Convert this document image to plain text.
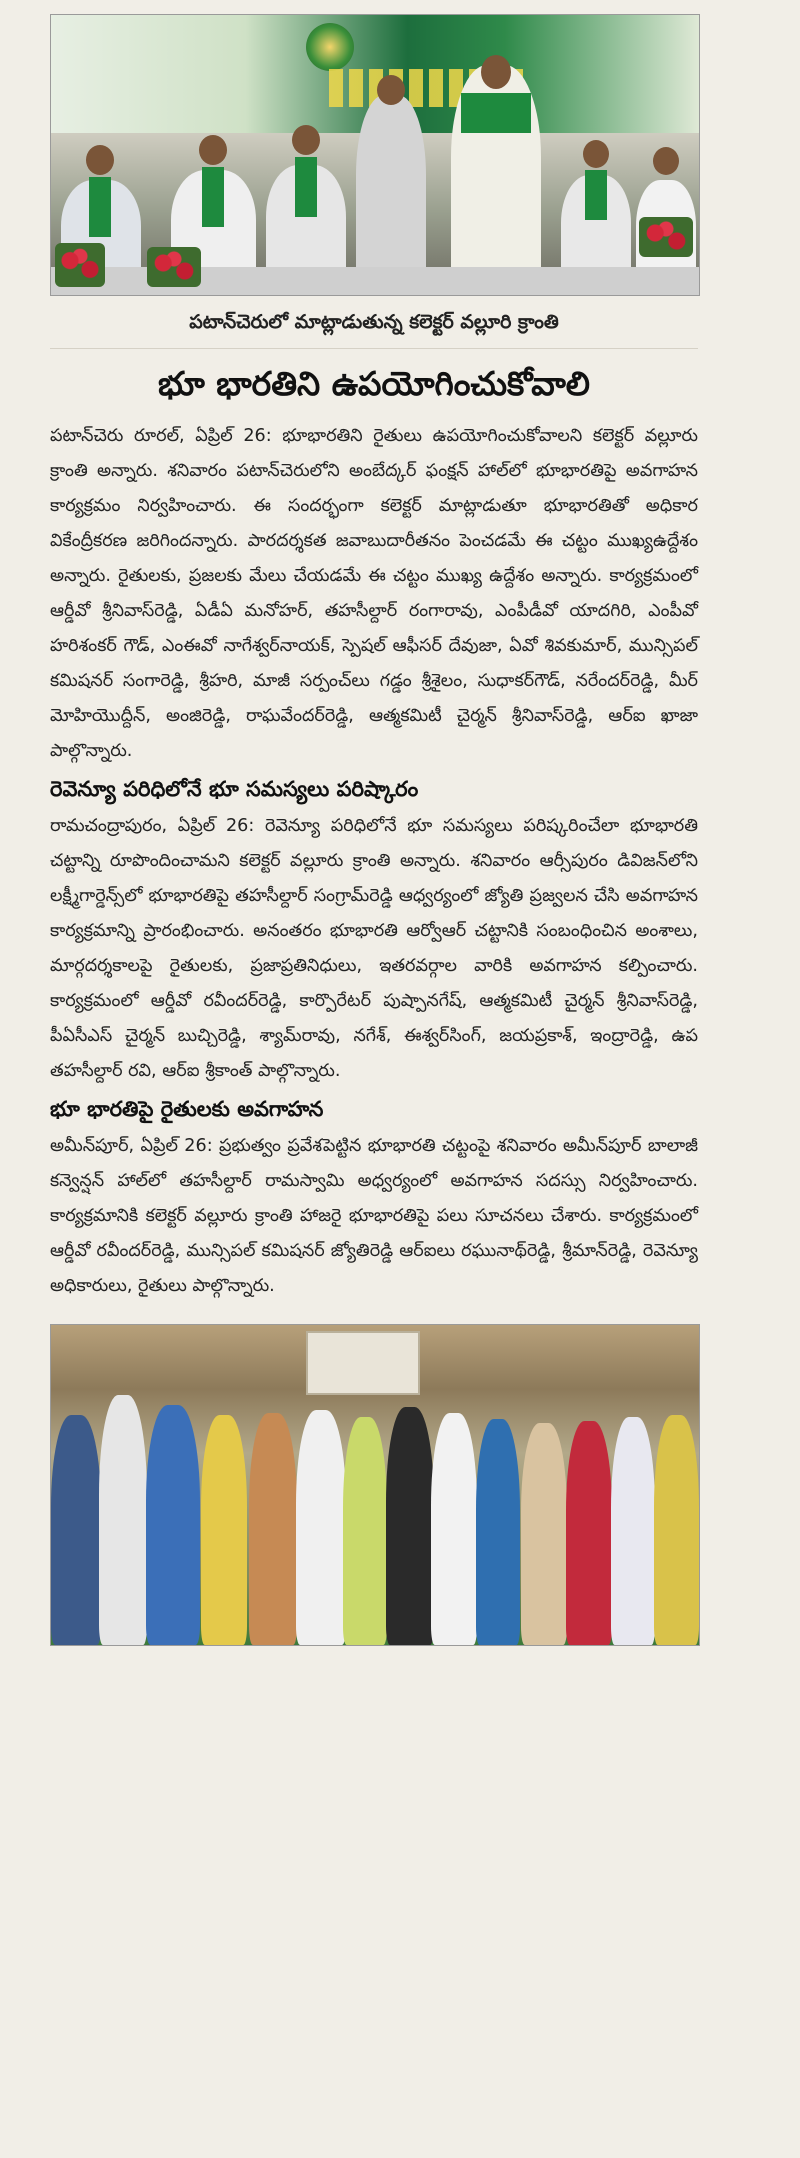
పటాన్‌చెరులో మాట్లాడుతున్న కలెక్టర్ వల్లూరి క్రాంతి
భూ భారతిని ఉపయోగించుకోవాలి

పటాన్‌చెరు రూరల్, ఏప్రిల్ 26: భూభారతిని రైతులు ఉపయోగించుకోవాలని కలెక్టర్ వల్లూరు క్రాంతి అన్నారు. శనివారం పటాన్‌చెరులోని అంబేద్కర్ ఫంక్షన్ హాల్‌లో భూభారతిపై అవగాహన కార్యక్రమం నిర్వహించారు. ఈ సందర్భంగా కలెక్టర్ మాట్లాడుతూ భూభారతితో అధికార వికేంద్రీకరణ జరిగిందన్నారు. పారదర్శకత జవాబుదారీతనం పెంచడమే ఈ చట్టం ముఖ్యఉద్దేశం అన్నారు. రైతులకు, ప్రజలకు మేలు చేయడమే ఈ చట్టం ముఖ్య ఉద్దేశం అన్నారు. కార్యక్రమంలో ఆర్డీవో శ్రీనివాస్‌రెడ్డి, ఏడీఏ మనోహర్, తహసీల్దార్ రంగారావు, ఎంపీడీవో యాదగిరి, ఎంపీవో హరిశంకర్ గౌడ్, ఎంఈవో నాగేశ్వర్‌నాయక్, స్పెషల్ ఆఫీసర్ దేవుజా, ఏవో శివకుమార్, మున్సిపల్ కమిషనర్ సంగారెడ్డి, శ్రీహరి, మాజీ సర్పంచ్‌లు గడ్డం శ్రీశైలం, సుధాకర్‌గౌడ్, నరేందర్‌రెడ్డి, మీర్ మోహియొద్దీన్, అంజిరెడ్డి, రాఘవేందర్‌రెడ్డి, ఆత్మకమిటీ చైర్మన్ శ్రీనివాస్‌రెడ్డి, ఆర్ఐ ఖాజా పాల్గొన్నారు.

రెవెన్యూ పరిధిలోనే భూ సమస్యలు పరిష్కారం

రామచంద్రాపురం, ఏప్రిల్ 26: రెవెన్యూ పరిధిలోనే భూ సమస్యలు పరిష్కరించేలా భూభారతి చట్టాన్ని రూపొందించామని కలెక్టర్ వల్లూరు క్రాంతి అన్నారు. శనివారం ఆర్సీపురం డివిజన్‌లోని లక్ష్మీగార్డెన్స్‌లో భూభారతిపై తహసీల్దార్ సంగ్రామ్‌రెడ్డి ఆధ్వర్యంలో జ్యోతి ప్రజ్వలన చేసి అవగాహన కార్యక్రమాన్ని ప్రారంభించారు. అనంతరం భూభారతి ఆర్వోఆర్ చట్టానికి సంబంధించిన అంశాలు, మార్గదర్శకాలపై రైతులకు, ప్రజాప్రతినిధులు, ఇతరవర్గాల వారికి అవగాహన కల్పించారు. కార్యక్రమంలో ఆర్డీవో రవీందర్‌రెడ్డి, కార్పొరేటర్ పుష్పానగేష్, ఆత్మకమిటీ చైర్మన్ శ్రీనివాస్‌రెడ్డి, పీఏసీఎస్ చైర్మన్ బుచ్చిరెడ్డి, శ్యామ్‌రావు, నగేశ్, ఈశ్వర్‌సింగ్, జయప్రకాశ్, ఇంద్రారెడ్డి, ఉప తహసీల్దార్ రవి, ఆర్ఐ శ్రీకాంత్ పాల్గొన్నారు.

భూ భారతిపై రైతులకు అవగాహన

అమీన్‌పూర్, ఏప్రిల్ 26: ప్రభుత్వం ప్రవేశపెట్టిన భూభారతి చట్టంపై శనివారం అమీన్‌పూర్ బాలాజీ కన్వెన్షన్ హాల్‌లో తహసీల్దార్ రామస్వామి అధ్వర్యంలో అవగాహన సదస్సు నిర్వహించారు. కార్యక్రమానికి కలెక్టర్ వల్లూరు క్రాంతి హాజరై భూభారతిపై పలు సూచనలు చేశారు. కార్యక్రమంలో ఆర్డీవో రవీందర్‌రెడ్డి, మున్సిపల్ కమిషనర్ జ్యోతిరెడ్డి ఆర్ఐలు రఘునాథ్‌రెడ్డి, శ్రీమాన్‌రెడ్డి, రెవెన్యూ అధికారులు, రైతులు పాల్గొన్నారు.
